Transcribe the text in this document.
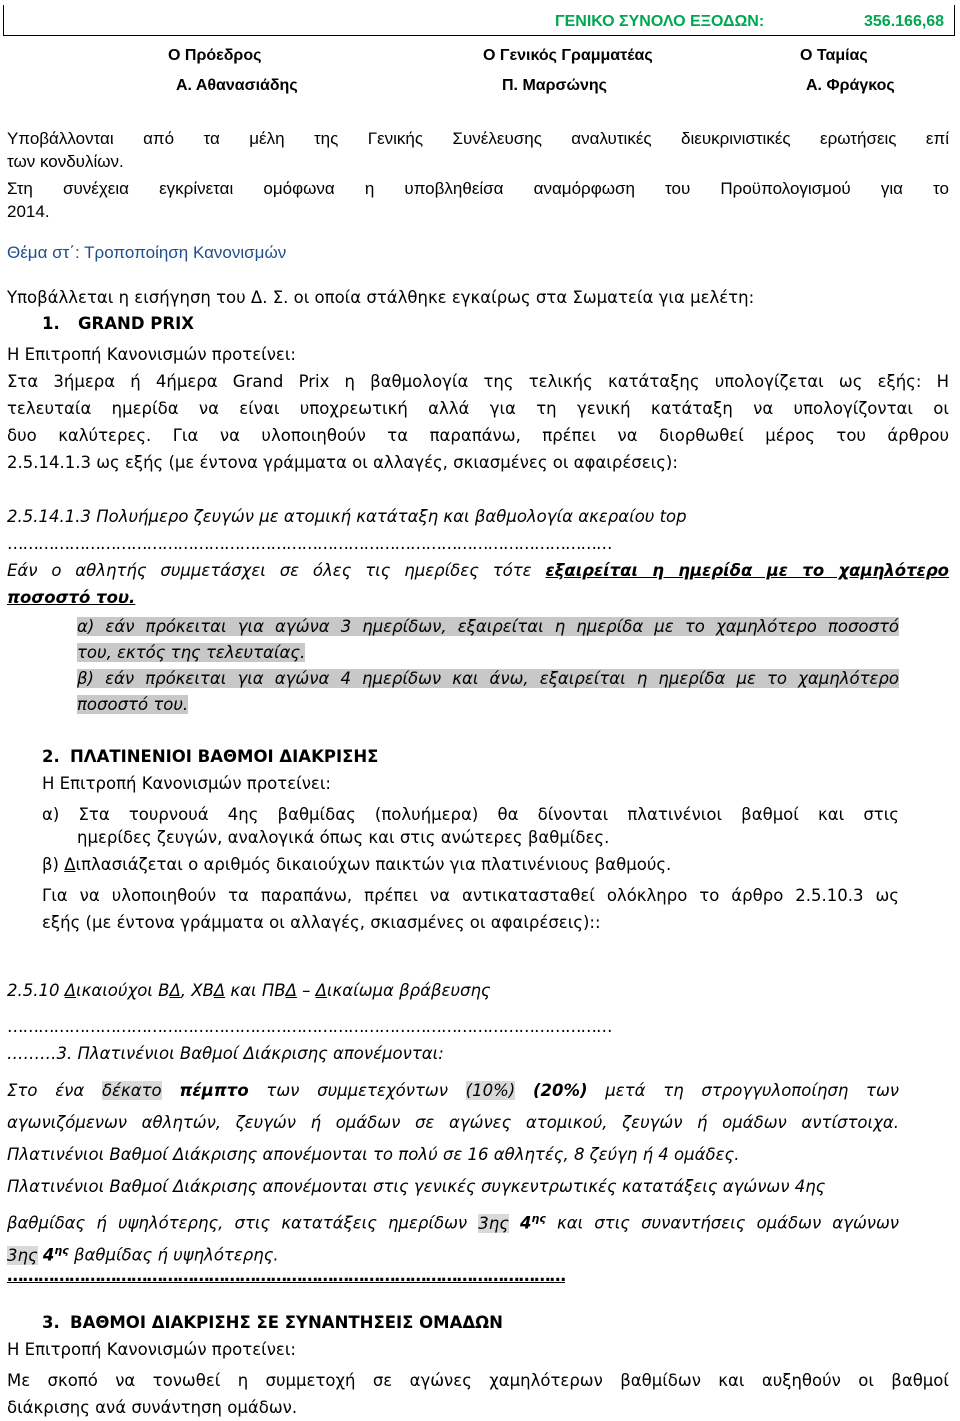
ΓΕΝΙΚΟ ΣΥΝΟΛΟ ΕΞΟΔΩΝ:	356.166,68
Ο Πρόεδρος	Ο Γενικός Γραμματέας	Ο Ταμίας
Α. Αθανασιάδης	Π. Μαρσώνης	Α. Φράγκος
Υποβάλλονται από τα μέλη της Γενικής Συνέλευσης αναλυτικές διευκρινιστικές ερωτήσεις επί
των κονδυλίων.
Στη συνέχεια εγκρίνεται ομόφωνα η υποβληθείσα αναμόρφωση του Προϋπολογισμού για το
2014.
Θέμα στ΄: Τροποποίηση Κανονισμών
Υποβάλλεται η εισήγηση του Δ. Σ. οι οποία στάλθηκε εγκαίρως στα Σωματεία για μελέτη:
1. GRAND PRIX
Η Επιτροπή Κανονισμών προτείνει:
Στα 3ήμερα ή 4ήμερα Grand Prix η βαθμολογία της τελικής κατάταξης υπολογίζεται ως εξής: Η
τελευταία ημερίδα να είναι υποχρεωτική αλλά για τη γενική κατάταξη να υπολογίζονται οι
δυο καλύτερες. Για να υλοποιηθούν τα παραπάνω, πρέπει να διορθωθεί μέρος του άρθρου
2.5.14.1.3 ως εξής (με έντονα γράμματα οι αλλαγές, σκιασμένες οι αφαιρέσεις):
2.5.14.1.3 Πολυήμερο ζευγών με ατομική κατάταξη και βαθμολογία ακεραίου top
………………………………………………………………………………………………………
Εάν ο αθλητής συμμετάσχει σε όλες τις ημερίδες τότε εξαιρείται η ημερίδα με το χαμηλότερο
ποσοστό του.
α) εάν πρόκειται για αγώνα 3 ημερίδων, εξαιρείται η ημερίδα με το χαμηλότερο ποσοστό
του, εκτός της τελευταίας.
β) εάν πρόκειται για αγώνα 4 ημερίδων και άνω, εξαιρείται η ημερίδα με το χαμηλότερο
ποσοστό του.
2. ΠΛΑΤΙΝΕΝΙΟΙ ΒΑΘΜΟΙ ΔΙΑΚΡΙΣΗΣ
Η Επιτροπή Κανονισμών προτείνει:
α) Στα τουρνουά 4ης βαθμίδας (πολυήμερα) θα δίνονται πλατινένιοι βαθμοί και στις
ημερίδες ζευγών, αναλογικά όπως και στις ανώτερες βαθμίδες.
β) Διπλασιάζεται ο αριθμός δικαιούχων παικτών για πλατινένιους βαθμούς.
Για να υλοποιηθούν τα παραπάνω, πρέπει να αντικατασταθεί ολόκληρο το άρθρο 2.5.10.3 ως
εξής (με έντονα γράμματα οι αλλαγές, σκιασμένες οι αφαιρέσεις)::
2.5.10 Δικαιούχοι ΒΔ, ΧΒΔ και ΠΒΔ – Δικαίωμα βράβευσης
………………………………………………………………………………………………………
………3. Πλατινένιοι Βαθμοί Διάκρισης απονέμονται:
Στο ένα δέκατο πέμπτο των συμμετεχόντων (10%) (20%) μετά τη στρογγυλοποίηση των
αγωνιζόμενων αθλητών, ζευγών ή ομάδων σε αγώνες ατομικού, ζευγών ή ομάδων αντίστοιχα.
Πλατινένιοι Βαθμοί Διάκρισης απονέμονται το πολύ σε 16 αθλητές, 8 ζεύγη ή 4 ομάδες.
Πλατινένιοι Βαθμοί Διάκρισης απονέμονται στις γενικές συγκεντρωτικές κατατάξεις αγώνων 4ης
βαθμίδας ή υψηλότερης, στις κατατάξεις ημερίδων 3ης $4^{\eta\varsigma}$ και στις συναντήσεις ομάδων αγώνων
3ης $4^{\eta\varsigma}$ βαθμίδας ή υψηλότερης.
………………………………………………………………………………………………
3. ΒΑΘΜΟΙ ΔΙΑΚΡΙΣΗΣ ΣΕ ΣΥΝΑΝΤΗΣΕΙΣ ΟΜΑΔΩΝ
Η Επιτροπή Κανονισμών προτείνει:
Με σκοπό να τονωθεί η συμμετοχή σε αγώνες χαμηλότερων βαθμίδων και αυξηθούν οι βαθμοί
διάκρισης ανά συνάντηση ομάδων.
